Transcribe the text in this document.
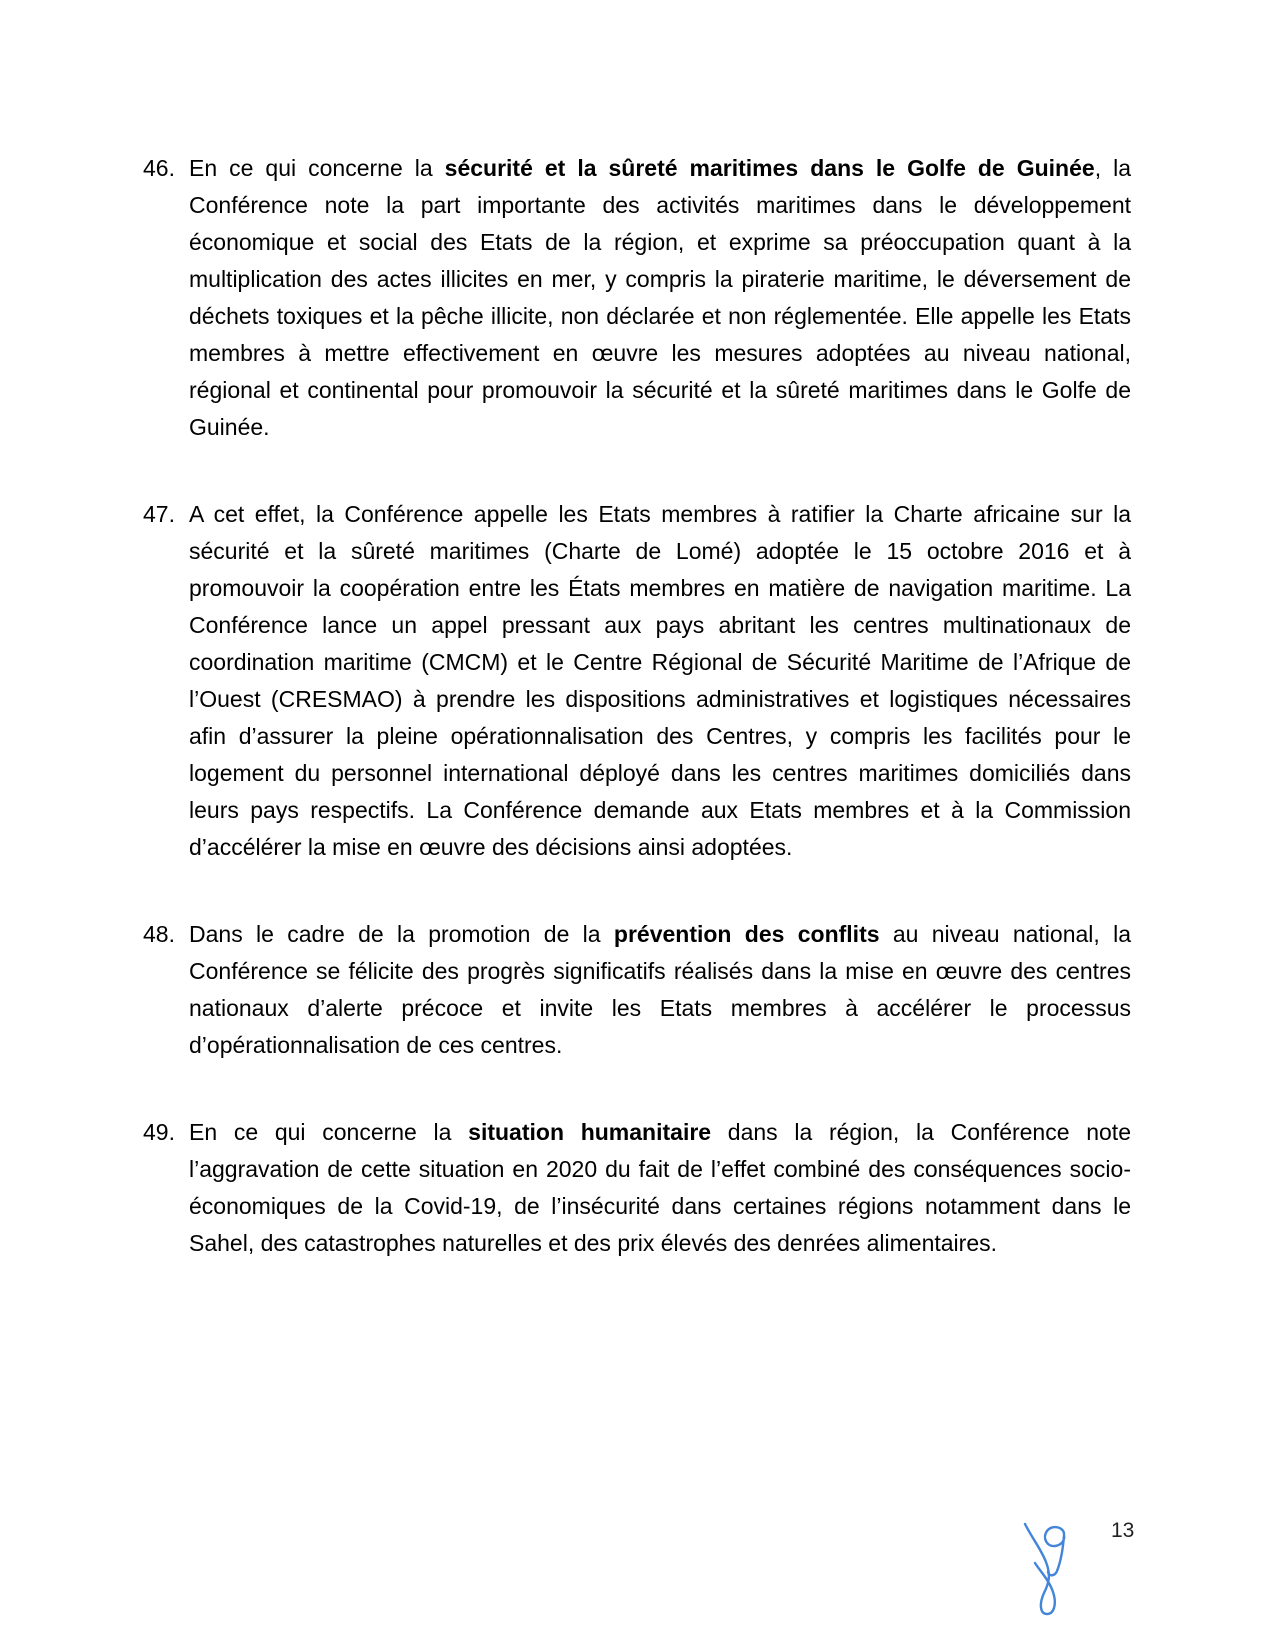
46. En ce qui concerne la sécurité et la sûreté maritimes dans le Golfe de Guinée, la Conférence note la part importante des activités maritimes dans le développement économique et social des Etats de la région, et exprime sa préoccupation quant à la multiplication des actes illicites en mer, y compris la piraterie maritime, le déversement de déchets toxiques et la pêche illicite, non déclarée et non réglementée. Elle appelle les Etats membres à mettre effectivement en œuvre les mesures adoptées au niveau national, régional et continental pour promouvoir la sécurité et la sûreté maritimes dans le Golfe de Guinée.
47. A cet effet, la Conférence appelle les Etats membres à ratifier la Charte africaine sur la sécurité et la sûreté maritimes (Charte de Lomé) adoptée le 15 octobre 2016 et à promouvoir la coopération entre les États membres en matière de navigation maritime. La Conférence lance un appel pressant aux pays abritant les centres multinationaux de coordination maritime (CMCM) et le Centre Régional de Sécurité Maritime de l’Afrique de l’Ouest (CRESMAO) à prendre les dispositions administratives et logistiques nécessaires afin d’assurer la pleine opérationnalisation des Centres, y compris les facilités pour le logement du personnel international déployé dans les centres maritimes domiciliés dans leurs pays respectifs. La Conférence demande aux Etats membres et à la Commission d’accélérer la mise en œuvre des décisions ainsi adoptées.
48. Dans le cadre de la promotion de la prévention des conflits au niveau national, la Conférence se félicite des progrès significatifs réalisés dans la mise en œuvre des centres nationaux d’alerte précoce et invite les Etats membres à accélérer le processus d’opérationnalisation de ces centres.
49. En ce qui concerne la situation humanitaire dans la région, la Conférence note l’aggravation de cette situation en 2020 du fait de l’effet combiné des conséquences socio-économiques de la Covid-19, de l’insécurité dans certaines régions notamment dans le Sahel, des catastrophes naturelles et des prix élevés des denrées alimentaires.
13
